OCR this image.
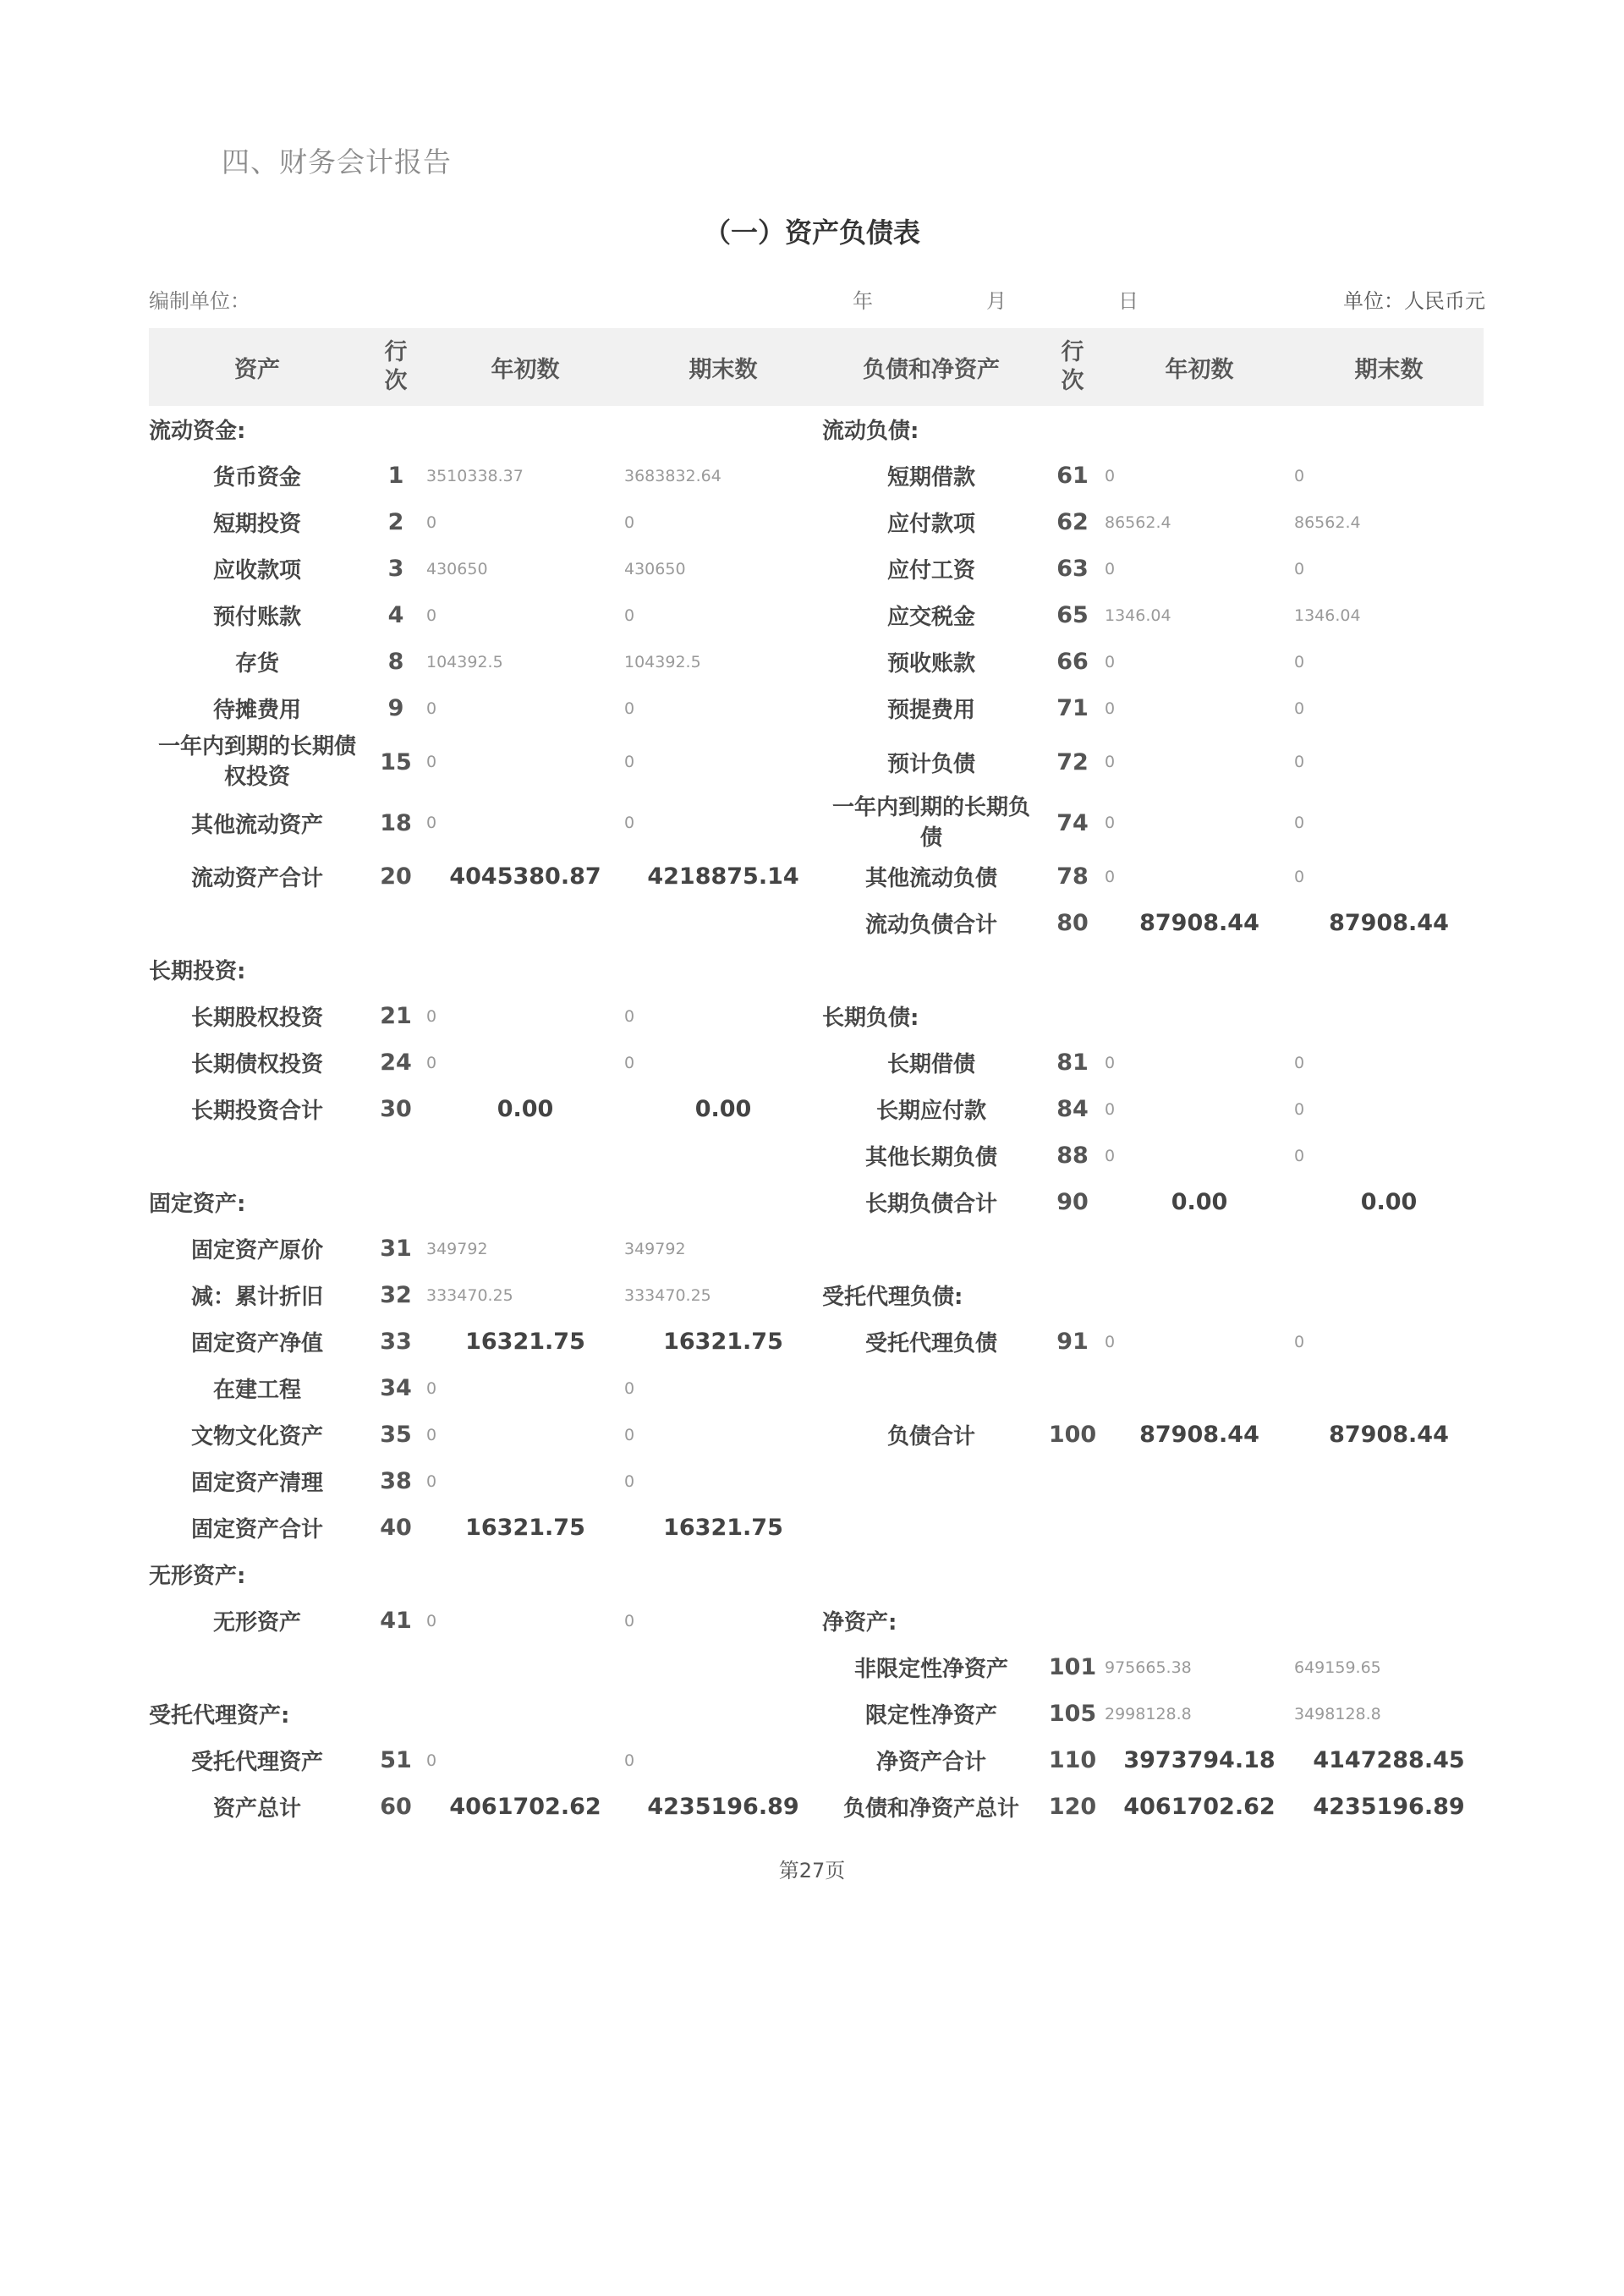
四、财务会计报告
（一）资产负债表
编制单位：	年	月	日	单位：人民币元
资产	行次	年初数	期末数	负债和净资产	行次	年初数	期末数
流动资金:				流动负债:			
货币资金	1	3510338.37	3683832.64	短期借款	61	0	0
短期投资	2	0	0	应付款项	62	86562.4	86562.4
应收款项	3	430650	430650	应付工资	63	0	0
预付账款	4	0	0	应交税金	65	1346.04	1346.04
存货	8	104392.5	104392.5	预收账款	66	0	0
待摊费用	9	0	0	预提费用	71	0	0
一年内到期的长期债权投资	15	0	0	预计负债	72	0	0
其他流动资产	18	0	0	一年内到期的长期负债	74	0	0
流动资产合计	20	4045380.87	4218875.14	其他流动负债	78	0	0
				流动负债合计	80	87908.44	87908.44
长期投资:							
长期股权投资	21	0	0	长期负债:			
长期债权投资	24	0	0	长期借债	81	0	0
长期投资合计	30	0.00	0.00	长期应付款	84	0	0
				其他长期负债	88	0	0
固定资产:				长期负债合计	90	0.00	0.00
固定资产原价	31	349792	349792				
减：累计折旧	32	333470.25	333470.25	受托代理负债:			
固定资产净值	33	16321.75	16321.75	受托代理负债	91	0	0
在建工程	34	0	0				
文物文化资产	35	0	0	负债合计	100	87908.44	87908.44
固定资产清理	38	0	0				
固定资产合计	40	16321.75	16321.75				
无形资产:							
无形资产	41	0	0	净资产:			
				非限定性净资产	101	975665.38	649159.65
受托代理资产:				限定性净资产	105	2998128.8	3498128.8
受托代理资产	51	0	0	净资产合计	110	3973794.18	4147288.45
资产总计	60	4061702.62	4235196.89	负债和净资产总计	120	4061702.62	4235196.89
第27页
